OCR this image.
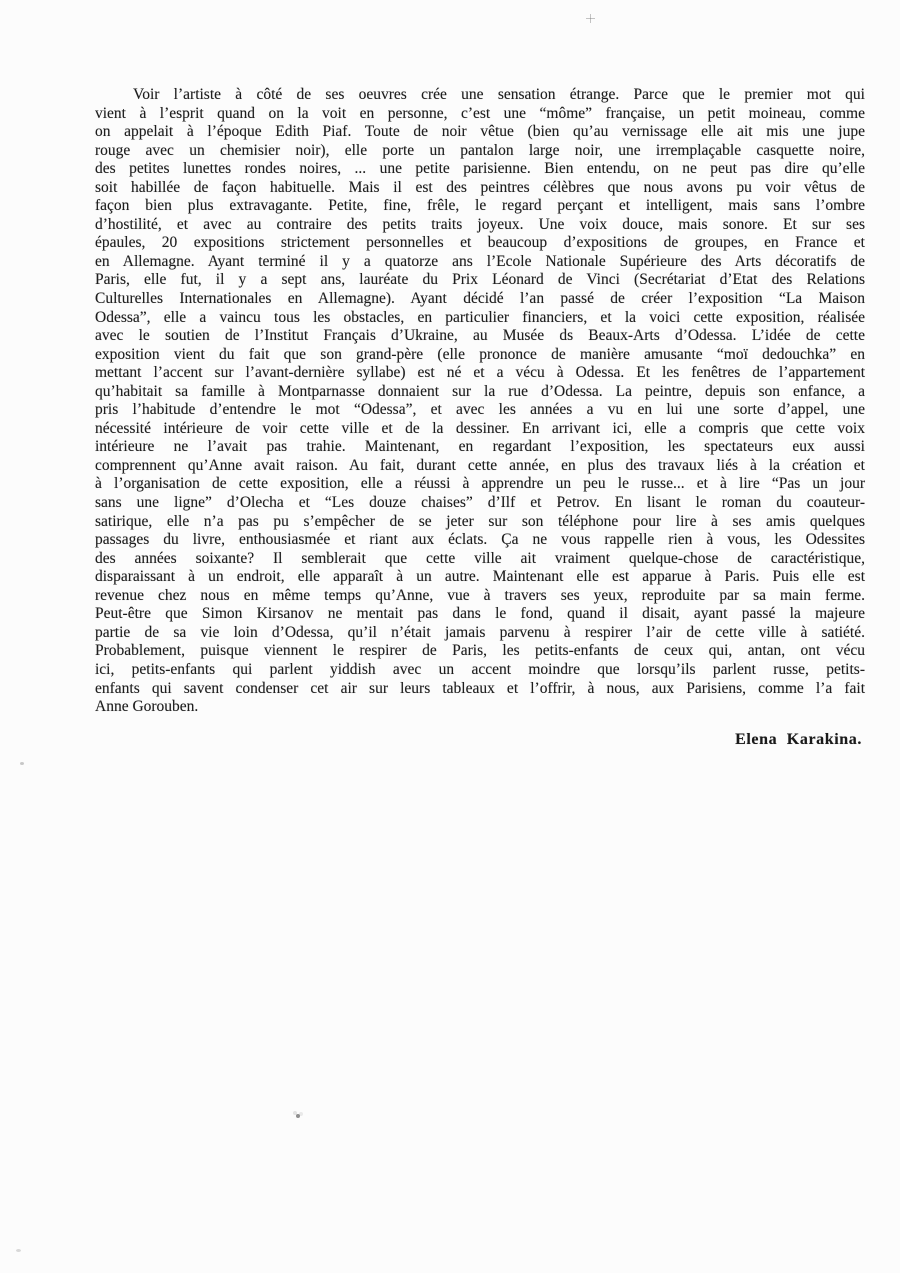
Voir l’artiste à côté de ses oeuvres crée une sensation étrange. Parce que le premier mot qui
vient à l’esprit quand on la voit en personne, c’est une “môme” française, un petit moineau, comme
on appelait à l’époque Edith Piaf. Toute de noir vêtue (bien qu’au vernissage elle ait mis une jupe
rouge avec un chemisier noir), elle porte un pantalon large noir, une irremplaçable casquette noire,
des petites lunettes rondes noires, ... une petite parisienne. Bien entendu, on ne peut pas dire qu’elle
soit habillée de façon habituelle. Mais il est des peintres célèbres que nous avons pu voir vêtus de
façon bien plus extravagante. Petite, fine, frêle, le regard perçant et intelligent, mais sans l’ombre
d’hostilité, et avec au contraire des petits traits joyeux. Une voix douce, mais sonore. Et sur ses
épaules, 20 expositions strictement personnelles et beaucoup d’expositions de groupes, en France et
en Allemagne. Ayant terminé il y a quatorze ans l’Ecole Nationale Supérieure des Arts décoratifs de
Paris, elle fut, il y a sept ans, lauréate du Prix Léonard de Vinci (Secrétariat d’Etat des Relations
Culturelles Internationales en Allemagne). Ayant décidé l’an passé de créer l’exposition “La Maison
Odessa”, elle a vaincu tous les obstacles, en particulier financiers, et la voici cette exposition, réalisée
avec le soutien de l’Institut Français d’Ukraine, au Musée ds Beaux-Arts d’Odessa. L’idée de cette
exposition vient du fait que son grand-père (elle prononce de manière amusante “moï dedouchka” en
mettant l’accent sur l’avant-dernière syllabe) est né et a vécu à Odessa. Et les fenêtres de l’appartement
qu’habitait sa famille à Montparnasse donnaient sur la rue d’Odessa. La peintre, depuis son enfance, a
pris l’habitude d’entendre le mot “Odessa”, et avec les années a vu en lui une sorte d’appel, une
nécessité intérieure de voir cette ville et de la dessiner. En arrivant ici, elle a compris que cette voix
intérieure ne l’avait pas trahie. Maintenant, en regardant l’exposition, les spectateurs eux aussi
comprennent qu’Anne avait raison. Au fait, durant cette année, en plus des travaux liés à la création et
à l’organisation de cette exposition, elle a réussi à apprendre un peu le russe... et à lire “Pas un jour
sans une ligne” d’Olecha et “Les douze chaises” d’Ilf et Petrov. En lisant le roman du coauteur-
satirique, elle n’a pas pu s’empêcher de se jeter sur son téléphone pour lire à ses amis quelques
passages du livre, enthousiasmée et riant aux éclats. Ça ne vous rappelle rien à vous, les Odessites
des années soixante? Il semblerait que cette ville ait vraiment quelque-chose de caractéristique,
disparaissant à un endroit, elle apparaît à un autre. Maintenant elle est apparue à Paris. Puis elle est
revenue chez nous en même temps qu’Anne, vue à travers ses yeux, reproduite par sa main ferme.
Peut-être que Simon Kirsanov ne mentait pas dans le fond, quand il disait, ayant passé la majeure
partie de sa vie loin d’Odessa, qu’il n’était jamais parvenu à respirer l’air de cette ville à satiété.
Probablement, puisque viennent le respirer de Paris, les petits-enfants de ceux qui, antan, ont vécu
ici, petits-enfants qui parlent yiddish avec un accent moindre que lorsqu’ils parlent russe, petits-
enfants qui savent condenser cet air sur leurs tableaux et l’offrir, à nous, aux Parisiens, comme l’a fait
Anne Gorouben.
Elena Karakina.
